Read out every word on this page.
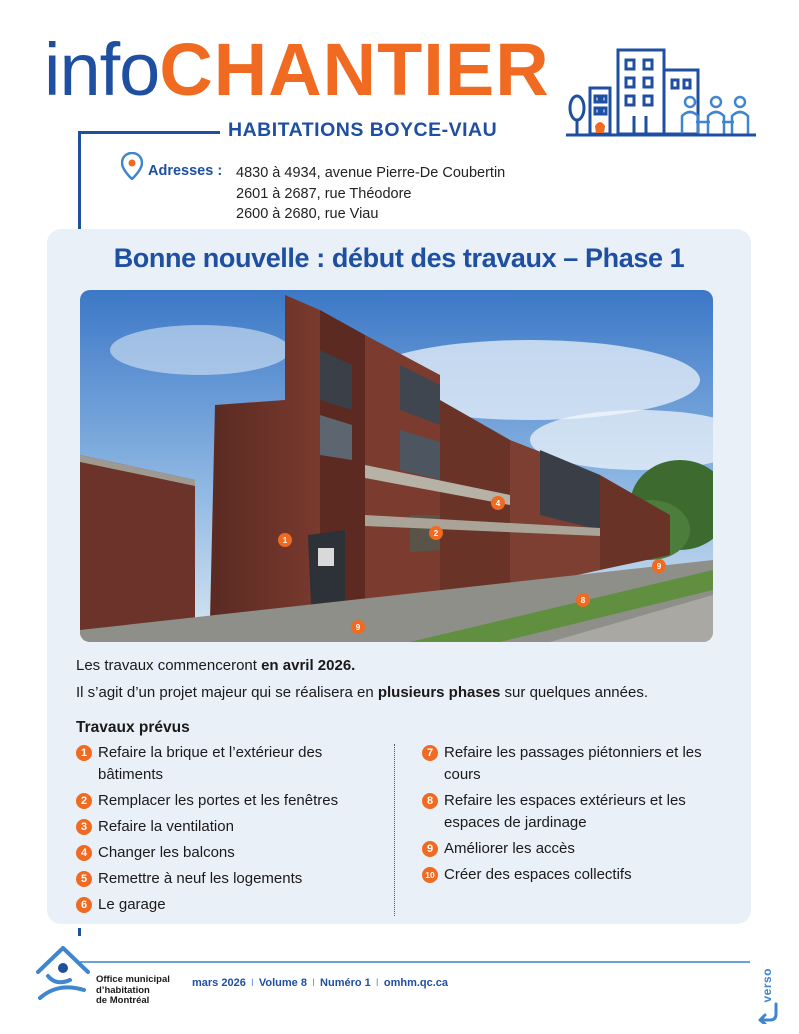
infoCHANTIER
HABITATIONS BOYCE-VIAU
Adresses : 4830 à 4934, avenue Pierre-De Coubertin
2601 à 2687, rue Théodore
2600 à 2680, rue Viau
Bonne nouvelle : début des travaux – Phase 1
1
2
4
8
9
9
Les travaux commenceront en avril 2026.
Il s’agit d’un projet majeur qui se réalisera en plusieurs phases sur quelques années.
Travaux prévus
1 Refaire la brique et l’extérieur des bâtiments
2 Remplacer les portes et les fenêtres
3 Refaire la ventilation
4 Changer les balcons
5 Remettre à neuf les logements
6 Le garage
7 Refaire les passages piétonniers et les cours
8 Refaire les espaces extérieurs et les espaces de jardinage
9 Améliorer les accès
10 Créer des espaces collectifs
Office municipal
d’habitation
de Montréal
mars 2026 I Volume 8 I Numéro 1 I omhm.qc.ca	verso
